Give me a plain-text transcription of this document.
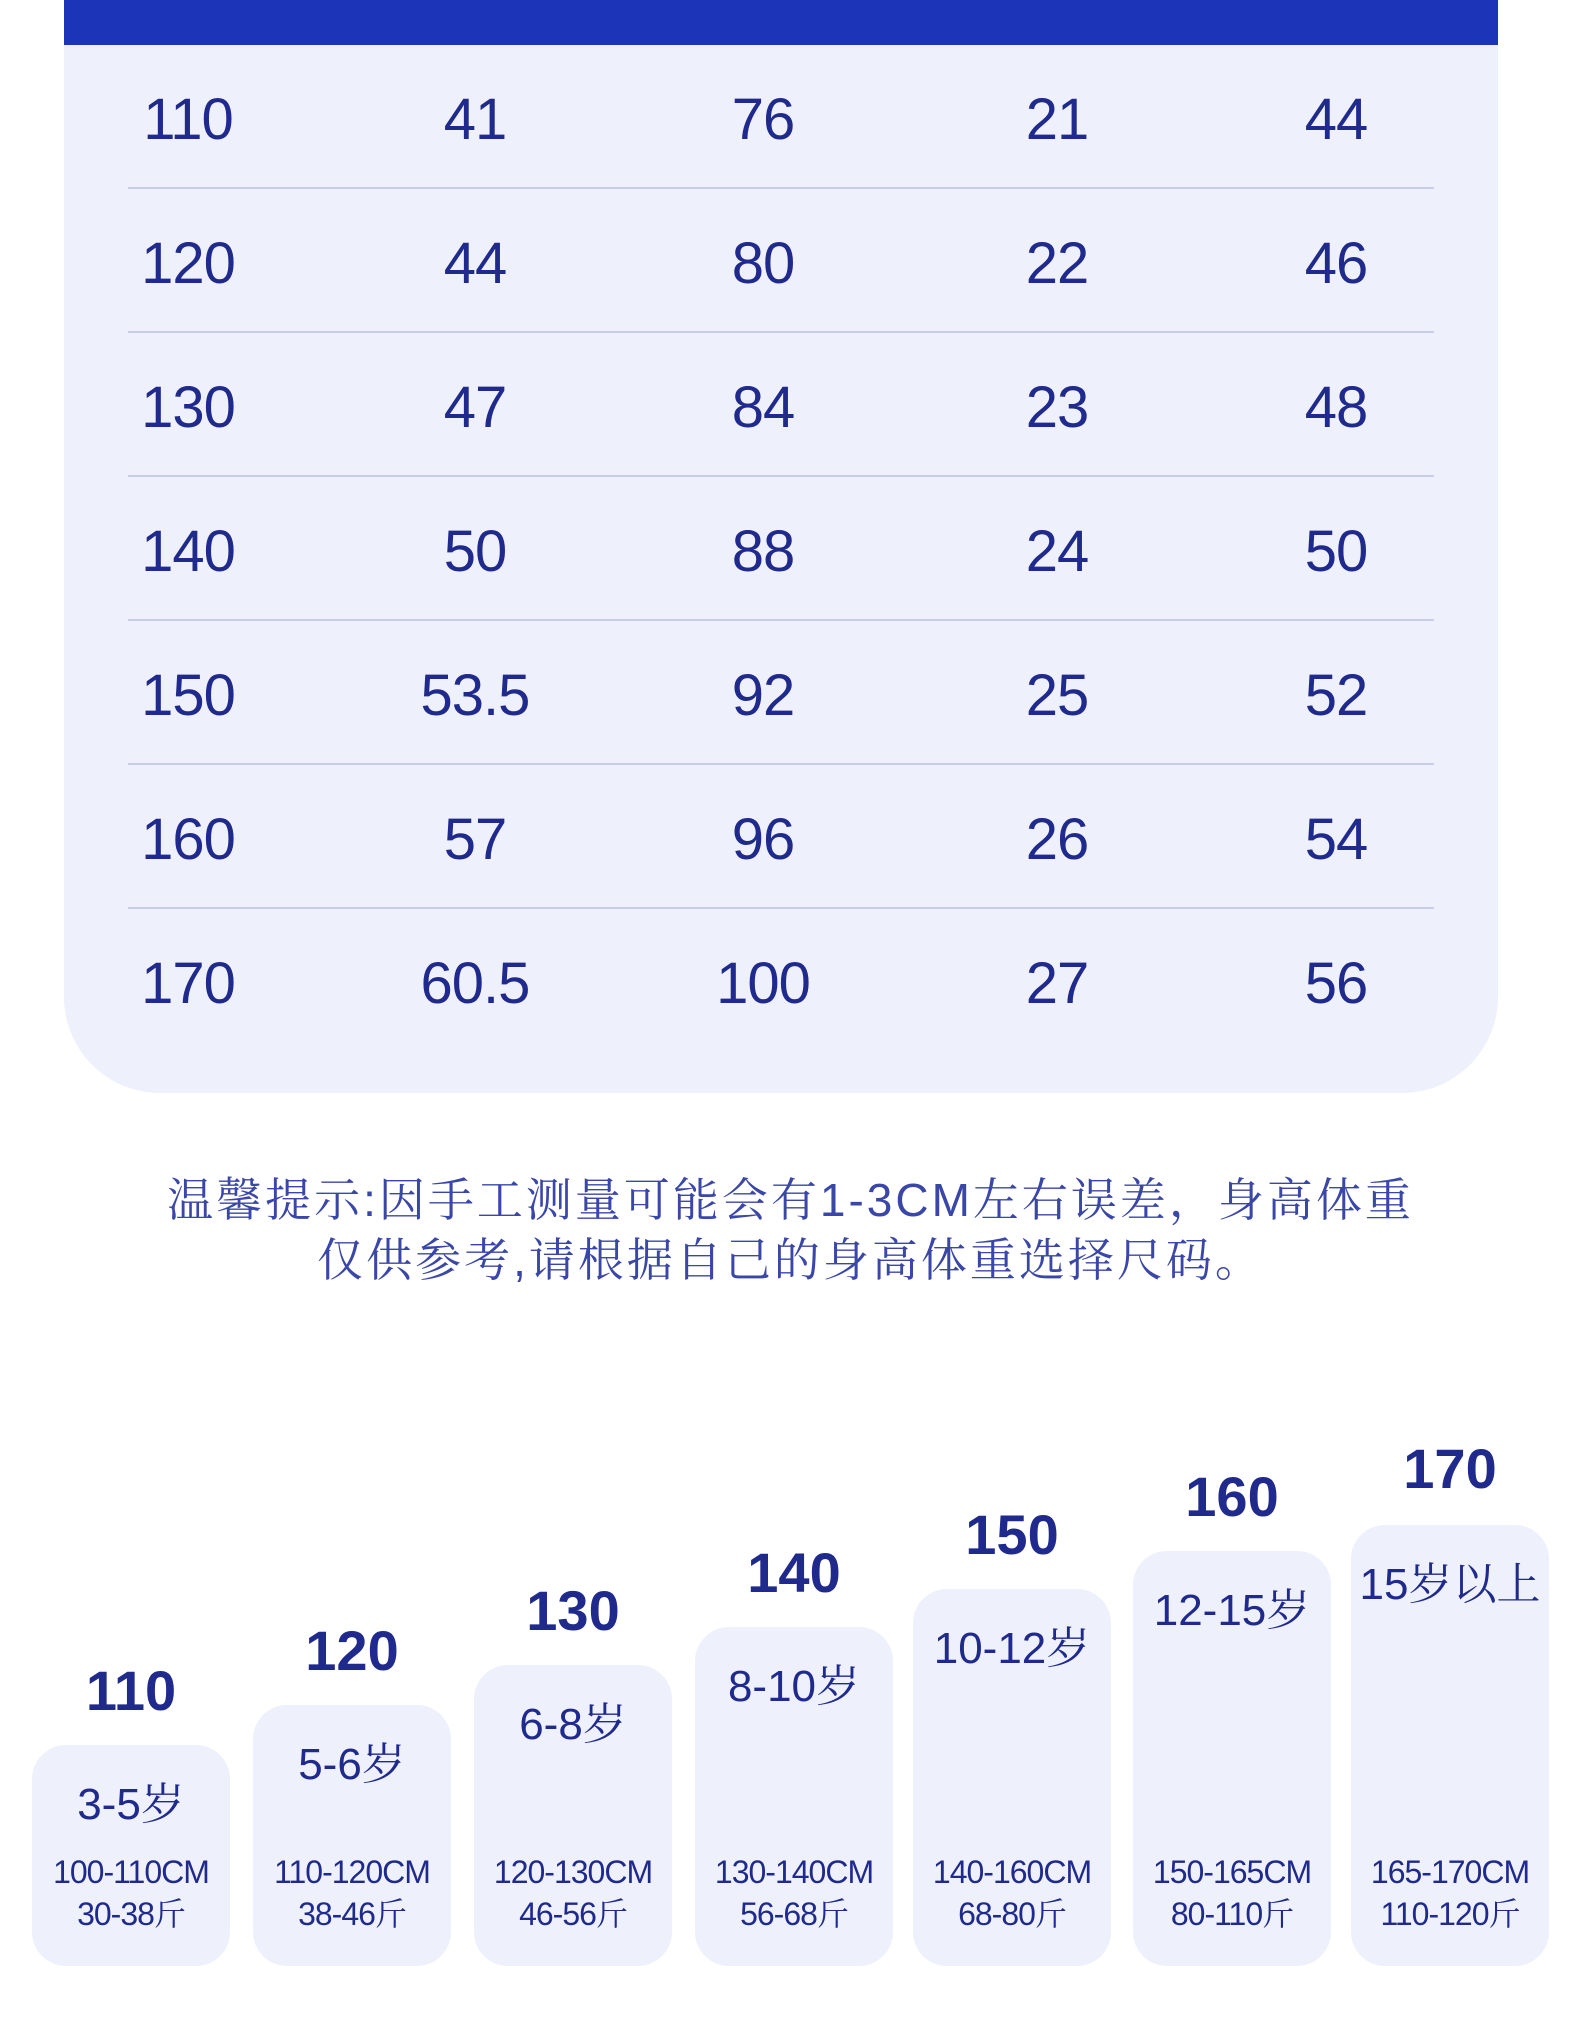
110	41	76	21	44
120	44	80	22	46
130	47	84	23	48
140	50	88	24	50
150	53.5	92	25	52
160	57	96	26	54
170	60.5	100	27	56
温馨提示:因手工测量可能会有1-3CM左右误差，身高体重
仅供参考,请根据自己的身高体重选择尺码。
110
3-5岁
100-110CM
30-38斤
120
5-6岁
110-120CM
38-46斤
130
6-8岁
120-130CM
46-56斤
140
8-10岁
130-140CM
56-68斤
150
10-12岁
140-160CM
68-80斤
160
12-15岁
150-165CM
80-110斤
170
15岁以上
165-170CM
110-120斤
